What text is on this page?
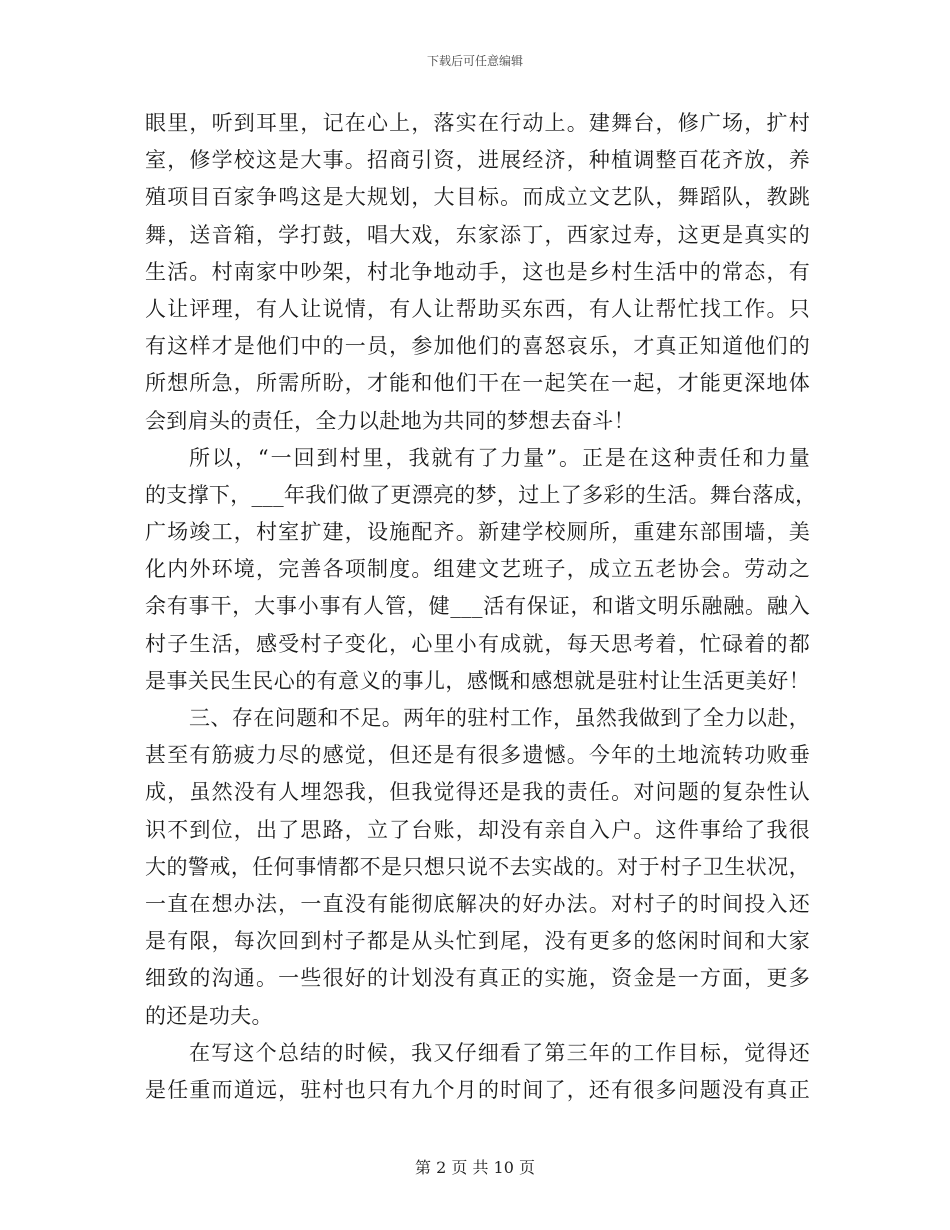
下载后可任意编辑
眼里，听到耳里，记在心上，落实在行动上。建舞台，修广场，扩村
室，修学校这是大事。招商引资，进展经济，种植调整百花齐放，养
殖项目百家争鸣这是大规划，大目标。而成立文艺队，舞蹈队，教跳
舞，送音箱，学打鼓，唱大戏，东家添丁，西家过寿，这更是真实的
生活。村南家中吵架，村北争地动手，这也是乡村生活中的常态，有
人让评理，有人让说情，有人让帮助买东西，有人让帮忙找工作。只
有这样才是他们中的一员，参加他们的喜怒哀乐，才真正知道他们的
所想所急，所需所盼，才能和他们干在一起笑在一起，才能更深地体
会到肩头的责任，全力以赴地为共同的梦想去奋斗！
所以，“一回到村里，我就有了力量”。正是在这种责任和力量
的支撑下，___年我们做了更漂亮的梦，过上了多彩的生活。舞台落成，
广场竣工，村室扩建，设施配齐。新建学校厕所，重建东部围墙，美
化内外环境，完善各项制度。组建文艺班子，成立五老协会。劳动之
余有事干，大事小事有人管，健___活有保证，和谐文明乐融融。融入
村子生活，感受村子变化，心里小有成就，每天思考着，忙碌着的都
是事关民生民心的有意义的事儿，感慨和感想就是驻村让生活更美好！
三、存在问题和不足。两年的驻村工作，虽然我做到了全力以赴，
甚至有筋疲力尽的感觉，但还是有很多遗憾。今年的土地流转功败垂
成，虽然没有人埋怨我，但我觉得还是我的责任。对问题的复杂性认
识不到位，出了思路，立了台账，却没有亲自入户。这件事给了我很
大的警戒，任何事情都不是只想只说不去实战的。对于村子卫生状况，
一直在想办法，一直没有能彻底解决的好办法。对村子的时间投入还
是有限，每次回到村子都是从头忙到尾，没有更多的悠闲时间和大家
细致的沟通。一些很好的计划没有真正的实施，资金是一方面，更多
的还是功夫。
在写这个总结的时候，我又仔细看了第三年的工作目标，觉得还
是任重而道远，驻村也只有九个月的时间了，还有很多问题没有真正
第 2 页 共 10 页
